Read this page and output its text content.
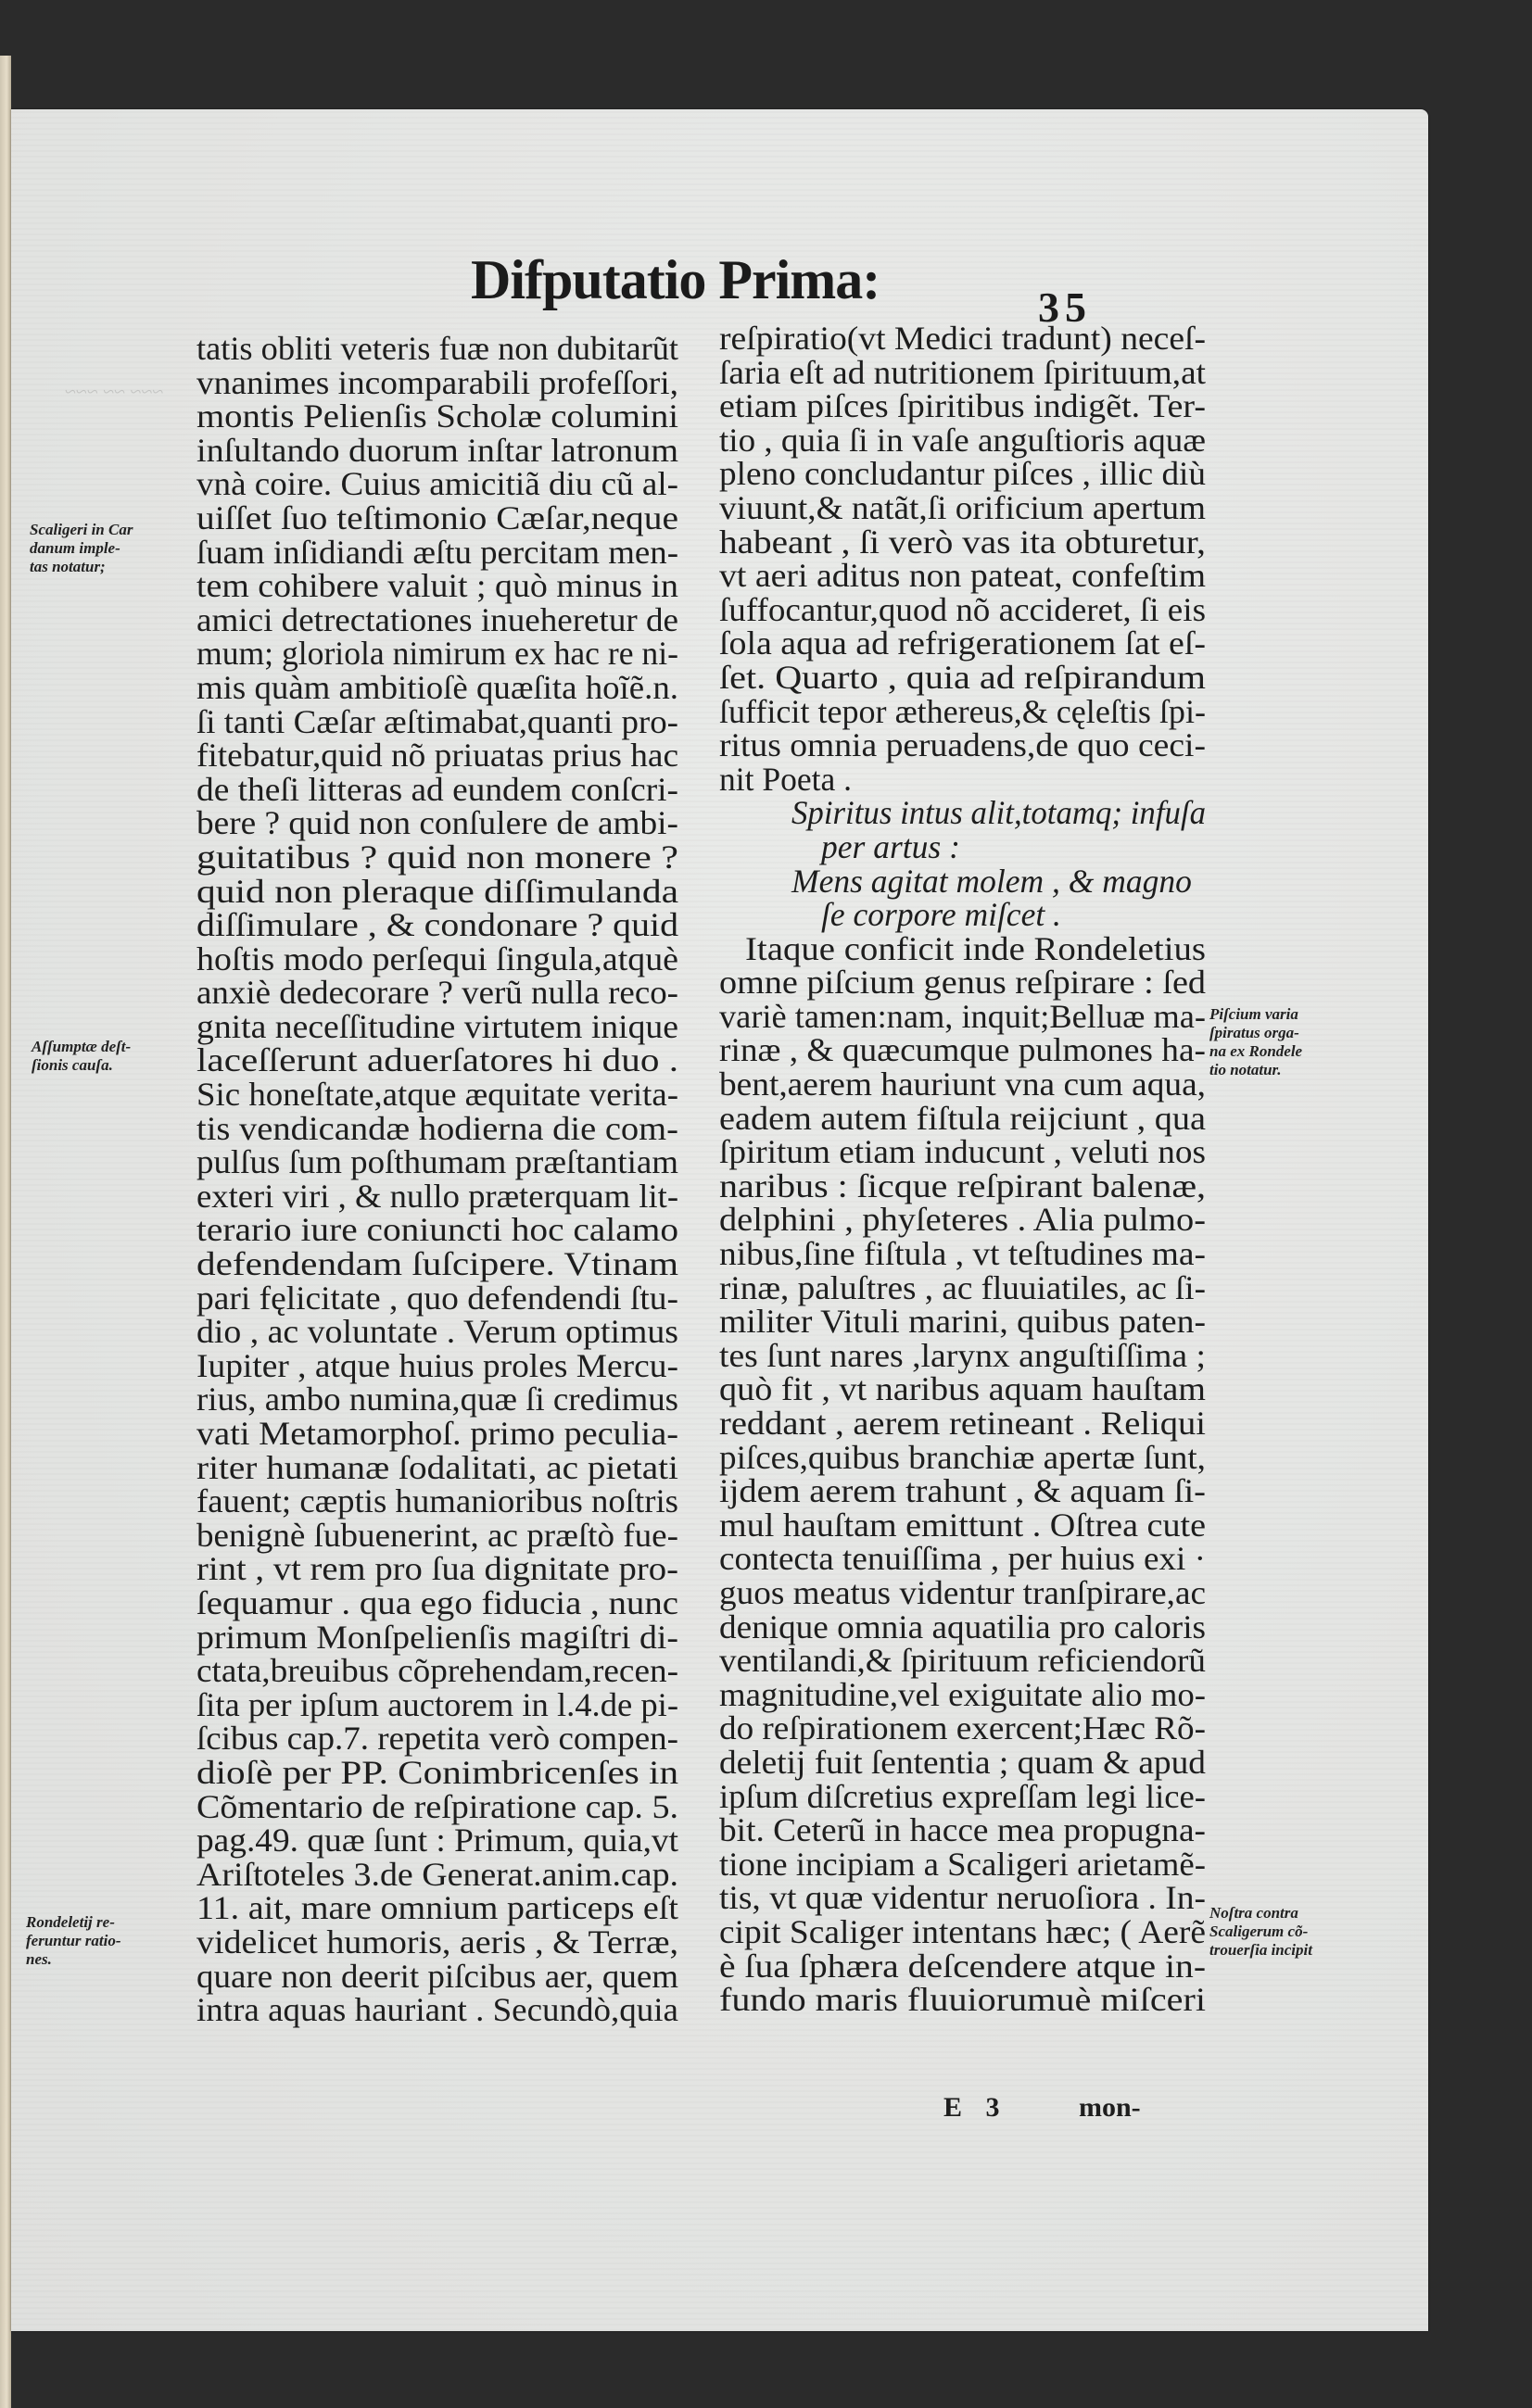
~~~ ~~ ~~~
Difputatio Prima:	35
tatis obliti veteris fuæ non dubitarũt
vnanimes incomparabili profeſſori,
montis Pelienſis Scholæ columini
inſultando duorum inſtar latronum
vnà coire. Cuius amicitiã diu cũ al-
uiſſet ſuo teſtimonio Cæſar,neque
ſuam inſidiandi æſtu percitam men-
tem cohibere valuit ; quò minus in
amici detrectationes inueheretur de
mum; gloriola nimirum ex hac re ni-
mis quàm ambitioſè quæſita hoĩẽ.n.
ſi tanti Cæſar æſtimabat,quanti pro-
fitebatur,quid nõ priuatas prius hac
de theſi litteras ad eundem conſcri-
bere ? quid non conſulere de ambi-
guitatibus ? quid non monere ?
quid non pleraque diſſimulanda
diſſimulare , & condonare ? quid
hoſtis modo perſequi ſingula,atquè
anxiè dedecorare ? verũ nulla reco-
gnita neceſſitudine virtutem inique
laceſſerunt aduerſatores hi duo .
Sic honeſtate,atque æquitate verita-
tis vendicandæ hodierna die com-
pulſus ſum poſthumam præſtantiam
exteri viri , & nullo præterquam lit-
terario iure coniuncti hoc calamo
defendendam ſuſcipere. Vtinam
pari fęlicitate , quo defendendi ſtu-
dio , ac voluntate . Verum optimus
Iupiter , atque huius proles Mercu-
rius, ambo numina,quæ ſi credimus
vati Metamorphoſ. primo peculia-
riter humanæ ſodalitati, ac pietati
fauent; cæptis humanioribus noſtris
benignè ſubuenerint, ac præſtò fue-
rint , vt rem pro ſua dignitate pro-
ſequamur . qua ego fiducia , nunc
primum Monſpelienſis magiſtri di-
ctata,breuibus cõprehendam,recen-
ſita per ipſum auctorem in l.4.de pi-
ſcibus cap.7. repetita verò compen-
dioſè per PP. Conimbricenſes in
Cõmentario de reſpiratione cap. 5.
pag.49. quæ ſunt : Primum, quia,vt
Ariſtoteles 3.de Generat.anim.cap.
11. ait, mare omnium particeps eſt
videlicet humoris, aeris , & Terræ,
quare non deerit piſcibus aer, quem
intra aquas hauriant . Secundò,quia
reſpiratio(vt Medici tradunt) neceſ-
ſaria eſt ad nutritionem ſpirituum,at
etiam piſces ſpiritibus indigẽt. Ter-
tio , quia ſi in vaſe anguſtioris aquæ
pleno concludantur piſces , illic diù
viuunt,& natãt,ſi orificium apertum
habeant , ſi verò vas ita obturetur,
vt aeri aditus non pateat, confeſtim
ſuffocantur,quod nõ accideret, ſi eis
ſola aqua ad refrigerationem ſat eſ-
ſet. Quarto , quia ad reſpirandum
ſufficit tepor æthereus,& cęleſtis ſpi-
ritus omnia peruadens,de quo ceci-
nit Poeta .
Spiritus intus alit,totamq; infuſa
per artus :
Mens agitat molem , & magno
ſe corpore miſcet .
Itaque conficit inde Rondeletius
omne piſcium genus reſpirare : ſed
variè tamen:nam, inquit;Belluæ ma-
rinæ , & quæcumque pulmones ha-
bent,aerem hauriunt vna cum aqua,
eadem autem fiſtula reijciunt , qua
ſpiritum etiam inducunt , veluti nos
naribus : ſicque reſpirant balenæ,
delphini , phyſeteres . Alia pulmo-
nibus,ſine fiſtula , vt teſtudines ma-
rinæ, paluſtres , ac fluuiatiles, ac ſi-
militer Vituli marini, quibus paten-
tes ſunt nares ,larynx anguſtiſſima ;
quò fit , vt naribus aquam hauſtam
reddant , aerem retineant . Reliqui
piſces,quibus branchiæ apertæ ſunt,
ijdem aerem trahunt , & aquam ſi-
mul hauſtam emittunt . Oſtrea cute
contecta tenuiſſima , per huius exi ·
guos meatus videntur tranſpirare,ac
denique omnia aquatilia pro caloris
ventilandi,& ſpirituum reficiendorũ
magnitudine,vel exiguitate alio mo-
do reſpirationem exercent;Hæc Rõ-
deletij fuit ſententia ; quam & apud
ipſum diſcretius expreſſam legi lice-
bit. Ceterũ in hacce mea propugna-
tione incipiam a Scaligeri arietamẽ-
tis, vt quæ videntur neruoſiora . In-
cipit Scaliger intentans hæc; ( Aerẽ
è ſua ſphæra deſcendere atque in-
fundo maris fluuiorumuè miſceri
Scaligeri in Car
danum imple-
tas notatur;
Aſſumptæ deſt-
ſionis cauſa.
Rondeletij re-
feruntur ratio-
nes.
Piſcium varia
ſpiratus orga-
na ex Rondele
tio notatur.
Noſtra contra
Scaligerum cõ-
trouerſia incipit
E 3	mon-
